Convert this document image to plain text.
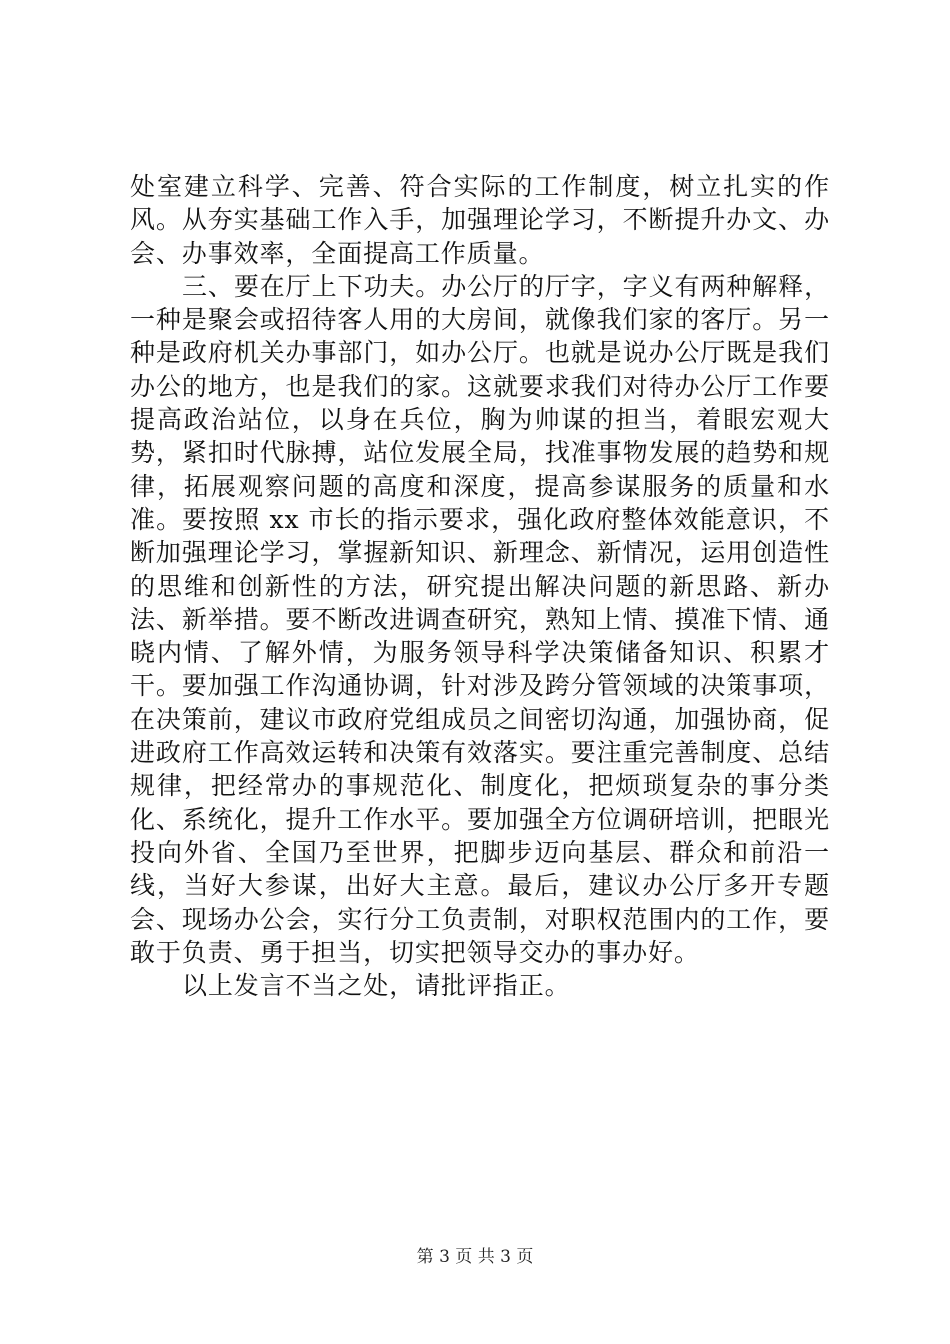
处室建立科学、完善、符合实际的工作制度，树立扎实的作风。从夯实基础工作入手，加强理论学习，不断提升办文、办会、办事效率，全面提高工作质量。

三、要在厅上下功夫。办公厅的厅字，字义有两种解释，一种是聚会或招待客人用的大房间，就像我们家的客厅。另一种是政府机关办事部门，如办公厅。也就是说办公厅既是我们办公的地方，也是我们的家。这就要求我们对待办公厅工作要提高政治站位，以身在兵位，胸为帅谋的担当，着眼宏观大势，紧扣时代脉搏，站位发展全局，找准事物发展的趋势和规律，拓展观察问题的高度和深度，提高参谋服务的质量和水准。要按照 xx 市长的指示要求，强化政府整体效能意识，不断加强理论学习，掌握新知识、新理念、新情况，运用创造性的思维和创新性的方法，研究提出解决问题的新思路、新办法、新举措。要不断改进调查研究，熟知上情、摸准下情、通晓内情、了解外情，为服务领导科学决策储备知识、积累才干。要加强工作沟通协调，针对涉及跨分管领域的决策事项，在决策前，建议市政府党组成员之间密切沟通，加强协商，促进政府工作高效运转和决策有效落实。要注重完善制度、总结规律，把经常办的事规范化、制度化，把烦琐复杂的事分类化、系统化，提升工作水平。要加强全方位调研培训，把眼光投向外省、全国乃至世界，把脚步迈向基层、群众和前沿一线，当好大参谋，出好大主意。最后，建议办公厅多开专题会、现场办公会，实行分工负责制，对职权范围内的工作，要敢于负责、勇于担当，切实把领导交办的事办好。

以上发言不当之处，请批评指正。

第 3 页 共 3 页
